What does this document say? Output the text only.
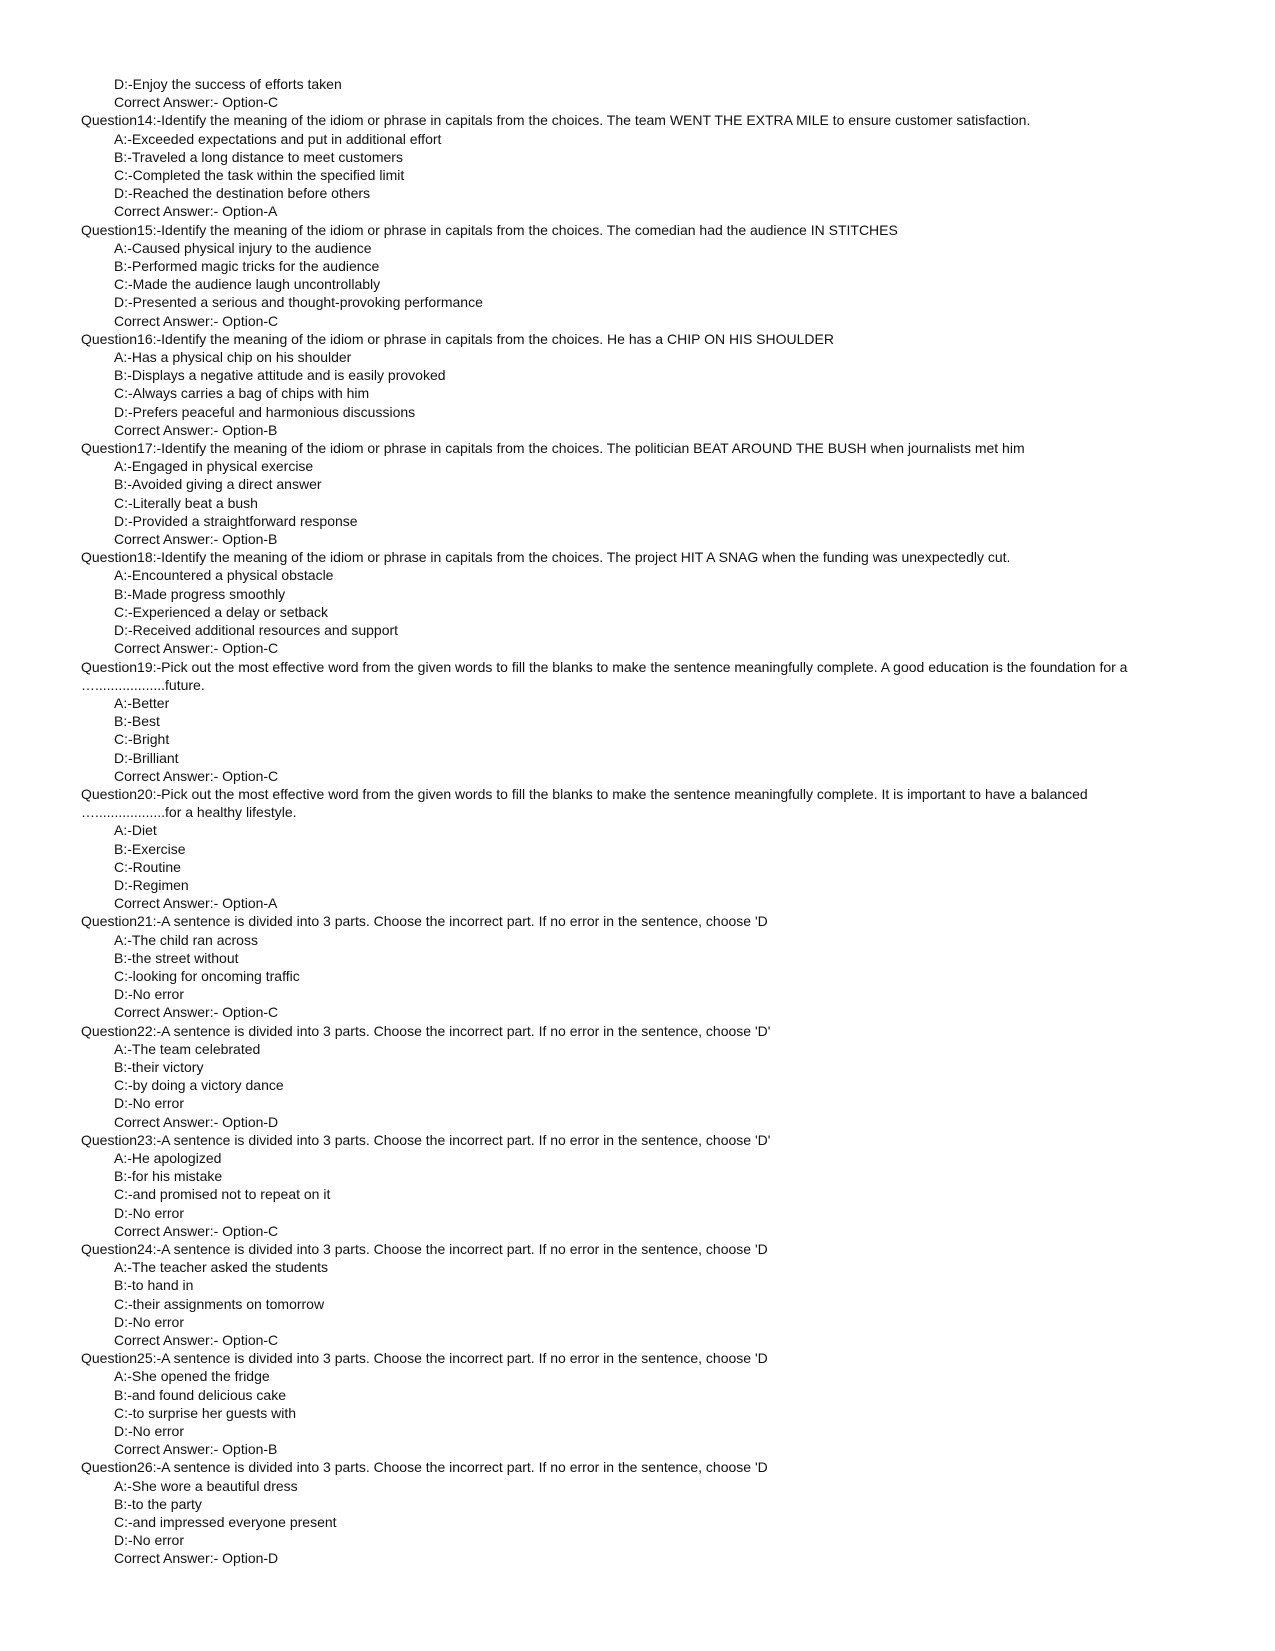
D:-Enjoy the success of efforts taken
Correct Answer:- Option-C
Question14:-Identify the meaning of the idiom or phrase in capitals from the choices. The team WENT THE EXTRA MILE to ensure customer satisfaction.
A:-Exceeded expectations and put in additional effort
B:-Traveled a long distance to meet customers
C:-Completed the task within the specified limit
D:-Reached the destination before others
Correct Answer:- Option-A
Question15:-Identify the meaning of the idiom or phrase in capitals from the choices. The comedian had the audience IN STITCHES
A:-Caused physical injury to the audience
B:-Performed magic tricks for the audience
C:-Made the audience laugh uncontrollably
D:-Presented a serious and thought-provoking performance
Correct Answer:- Option-C
Question16:-Identify the meaning of the idiom or phrase in capitals from the choices. He has a CHIP ON HIS SHOULDER
A:-Has a physical chip on his shoulder
B:-Displays a negative attitude and is easily provoked
C:-Always carries a bag of chips with him
D:-Prefers peaceful and harmonious discussions
Correct Answer:- Option-B
Question17:-Identify the meaning of the idiom or phrase in capitals from the choices. The politician BEAT AROUND THE BUSH when journalists met him
A:-Engaged in physical exercise
B:-Avoided giving a direct answer
C:-Literally beat a bush
D:-Provided a straightforward response
Correct Answer:- Option-B
Question18:-Identify the meaning of the idiom or phrase in capitals from the choices. The project HIT A SNAG when the funding was unexpectedly cut.
A:-Encountered a physical obstacle
B:-Made progress smoothly
C:-Experienced a delay or setback
D:-Received additional resources and support
Correct Answer:- Option-C
Question19:-Pick out the most effective word from the given words to fill the blanks to make the sentence meaningfully complete. A good education is the foundation for a
…..................future.
A:-Better
B:-Best
C:-Bright
D:-Brilliant
Correct Answer:- Option-C
Question20:-Pick out the most effective word from the given words to fill the blanks to make the sentence meaningfully complete. It is important to have a balanced
…..................for a healthy lifestyle.
A:-Diet
B:-Exercise
C:-Routine
D:-Regimen
Correct Answer:- Option-A
Question21:-A sentence is divided into 3 parts. Choose the incorrect part. If no error in the sentence, choose 'D
A:-The child ran across
B:-the street without
C:-looking for oncoming traffic
D:-No error
Correct Answer:- Option-C
Question22:-A sentence is divided into 3 parts. Choose the incorrect part. If no error in the sentence, choose 'D'
A:-The team celebrated
B:-their victory
C:-by doing a victory dance
D:-No error
Correct Answer:- Option-D
Question23:-A sentence is divided into 3 parts. Choose the incorrect part. If no error in the sentence, choose 'D'
A:-He apologized
B:-for his mistake
C:-and promised not to repeat on it
D:-No error
Correct Answer:- Option-C
Question24:-A sentence is divided into 3 parts. Choose the incorrect part. If no error in the sentence, choose 'D
A:-The teacher asked the students
B:-to hand in
C:-their assignments on tomorrow
D:-No error
Correct Answer:- Option-C
Question25:-A sentence is divided into 3 parts. Choose the incorrect part. If no error in the sentence, choose 'D
A:-She opened the fridge
B:-and found delicious cake
C:-to surprise her guests with
D:-No error
Correct Answer:- Option-B
Question26:-A sentence is divided into 3 parts. Choose the incorrect part. If no error in the sentence, choose 'D
A:-She wore a beautiful dress
B:-to the party
C:-and impressed everyone present
D:-No error
Correct Answer:- Option-D
